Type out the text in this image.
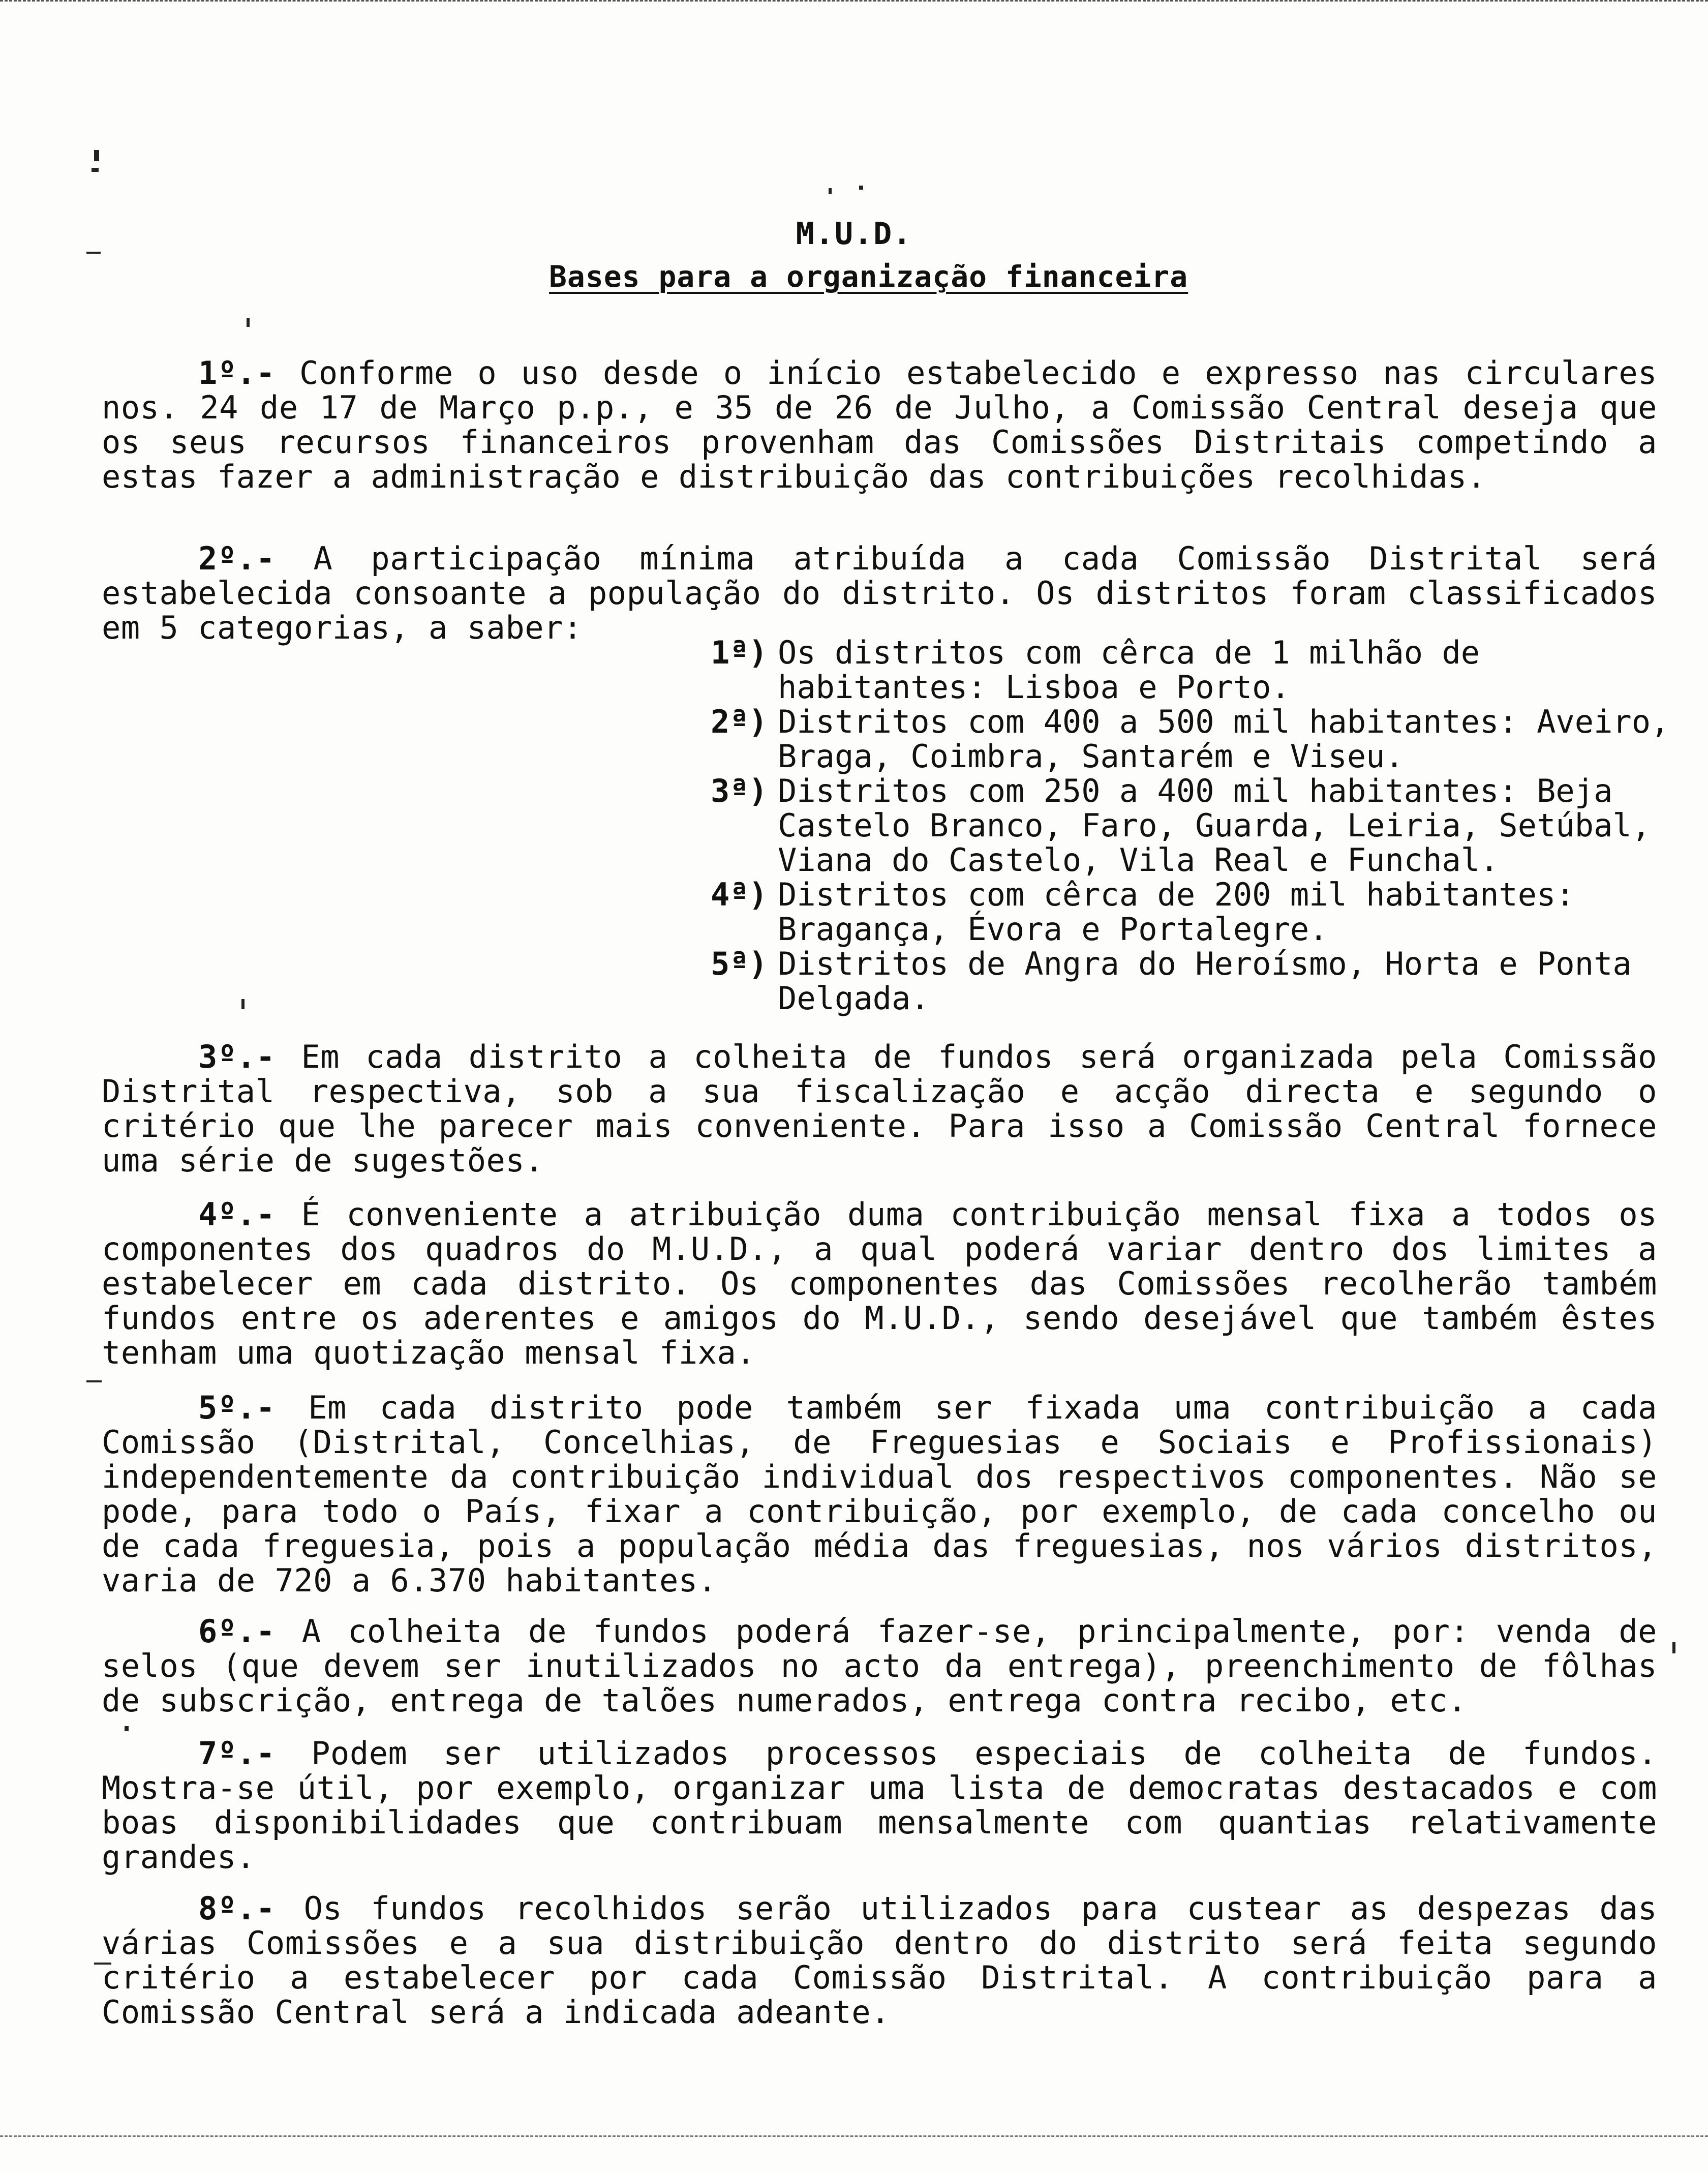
M.U.D.
Bases para a organização financeira

1º.- Conforme o uso desde o início estabelecido e expresso nas circulares nos. 24 de 17 de Março p.p., e 35 de 26 de Julho, a Comissão Central deseja que os seus recursos financeiros provenham das Comissões Distritais competindo a estas fazer a administração e distribuição das contribuições recolhidas.

2º.- A participação mínima atribuída a cada Comissão Distrital será estabelecida consoante a população do distrito. Os distritos foram classificados em 5 categorias, a saber:

1ª) Os distritos com cêrca de 1 milhão de habitantes: Lisboa e Porto.
2ª) Distritos com 400 a 500 mil habitantes: Aveiro, Braga, Coimbra, Santarém e Viseu.
3ª) Distritos com 250 a 400 mil habitantes: Beja Castelo Branco, Faro, Guarda, Leiria, Setúbal, Viana do Castelo, Vila Real e Funchal.
4ª) Distritos com cêrca de 200 mil habitantes: Bragança, Évora e Portalegre.
5ª) Distritos de Angra do Heroísmo, Horta e Ponta Delgada.

3º.- Em cada distrito a colheita de fundos será organizada pela Comissão Distrital respectiva, sob a sua fiscalização e acção directa e segundo o critério que lhe parecer mais conveniente. Para isso a Comissão Central fornece uma série de sugestões.

4º.- É conveniente a atribuição duma contribuição mensal fixa a todos os componentes dos quadros do M.U.D., a qual poderá variar dentro dos limites a estabelecer em cada distrito. Os componentes das Comissões recolherão também fundos entre os aderentes e amigos do M.U.D., sendo desejável que também êstes tenham uma quotização mensal fixa.

5º.- Em cada distrito pode também ser fixada uma contribuição a cada Comissão (Distrital, Concelhias, de Freguesias e Sociais e Profissionais) independentemente da contribuição individual dos respectivos componentes. Não se pode, para todo o País, fixar a contribuição, por exemplo, de cada concelho ou de cada freguesia, pois a população média das freguesias, nos vários distritos, varia de 720 a 6.370 habitantes.

6º.- A colheita de fundos poderá fazer-se, principalmente, por: venda de selos (que devem ser inutilizados no acto da entrega), preenchimento de fôlhas de subscrição, entrega de talões numerados, entrega contra recibo, etc.

7º.- Podem ser utilizados processos especiais de colheita de fundos. Mostra-se útil, por exemplo, organizar uma lista de democratas destacados e com boas disponibilidades que contribuam mensalmente com quantias relativamente grandes.

8º.- Os fundos recolhidos serão utilizados para custear as despezas das várias Comissões e a sua distribuição dentro do distrito será feita segundo critério a estabelecer por cada Comissão Distrital. A contribuição para a Comissão Central será a indicada adeante.
